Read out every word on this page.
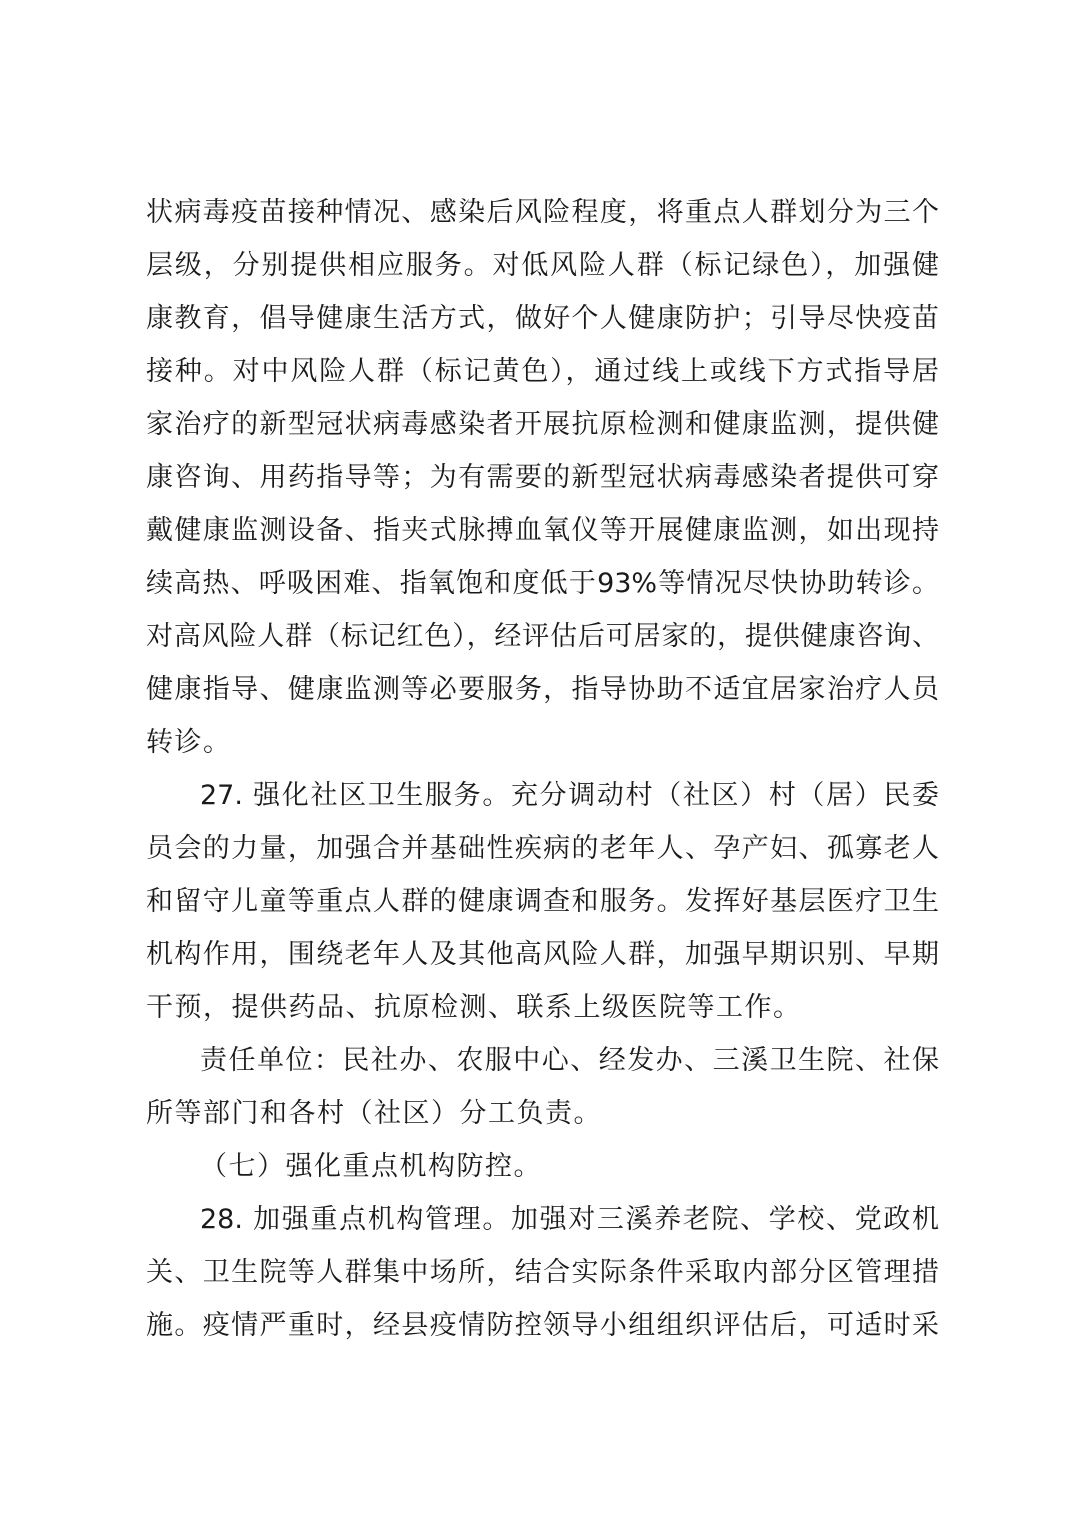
状病毒疫苗接种情况、感染后风险程度，将重点人群划分为三个
层级，分别提供相应服务。对低风险人群（标记绿色），加强健
康教育，倡导健康生活方式，做好个人健康防护；引导尽快疫苗
接种。对中风险人群（标记黄色），通过线上或线下方式指导居
家治疗的新型冠状病毒感染者开展抗原检测和健康监测，提供健
康咨询、用药指导等；为有需要的新型冠状病毒感染者提供可穿
戴健康监测设备、指夹式脉搏血氧仪等开展健康监测，如出现持
续高热、呼吸困难、指氧饱和度低于93%等情况尽快协助转诊。
对高风险人群（标记红色），经评估后可居家的，提供健康咨询、
健康指导、健康监测等必要服务，指导协助不适宜居家治疗人员
转诊。
27. 强化社区卫生服务。充分调动村（社区）村（居）民委
员会的力量，加强合并基础性疾病的老年人、孕产妇、孤寡老人
和留守儿童等重点人群的健康调查和服务。发挥好基层医疗卫生
机构作用，围绕老年人及其他高风险人群，加强早期识别、早期
干预，提供药品、抗原检测、联系上级医院等工作。
责任单位：民社办、农服中心、经发办、三溪卫生院、社保
所等部门和各村（社区）分工负责。
（七）强化重点机构防控。
28. 加强重点机构管理。加强对三溪养老院、学校、党政机
关、卫生院等人群集中场所，结合实际条件采取内部分区管理措
施。疫情严重时，经县疫情防控领导小组组织评估后，可适时采
